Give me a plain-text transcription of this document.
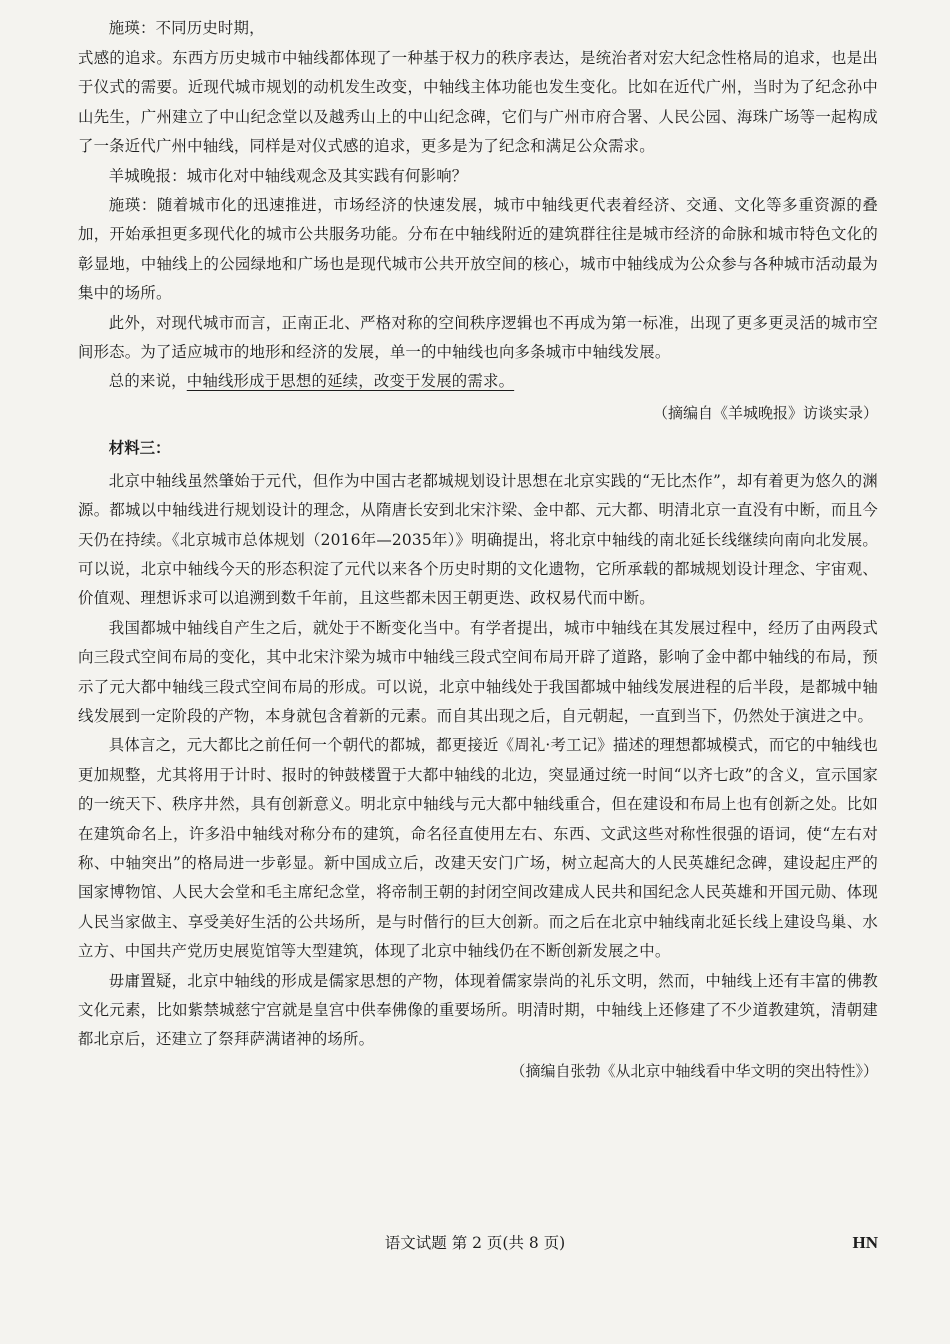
施瑛：不同历史时期，

式感的追求。东西方历史城市中轴线都体现了一种基于权力的秩序表达，是统治者对宏大纪念性格局的追求，也是出于仪式的需要。近现代城市规划的动机发生改变，中轴线主体功能也发生变化。比如在近代广州，当时为了纪念孙中山先生，广州建立了中山纪念堂以及越秀山上的中山纪念碑，它们与广州市府合署、人民公园、海珠广场等一起构成了一条近代广州中轴线，同样是对仪式感的追求，更多是为了纪念和满足公众需求。

羊城晚报：城市化对中轴线观念及其实践有何影响？

施瑛：随着城市化的迅速推进，市场经济的快速发展，城市中轴线更代表着经济、交通、文化等多重资源的叠加，开始承担更多现代化的城市公共服务功能。分布在中轴线附近的建筑群往往是城市经济的命脉和城市特色文化的彰显地，中轴线上的公园绿地和广场也是现代城市公共开放空间的核心，城市中轴线成为公众参与各种城市活动最为集中的场所。

此外，对现代城市而言，正南正北、严格对称的空间秩序逻辑也不再成为第一标准，出现了更多更灵活的城市空间形态。为了适应城市的地形和经济的发展，单一的中轴线也向多条城市中轴线发展。

总的来说，中轴线形成于思想的延续，改变于发展的需求。

（摘编自《羊城晚报》访谈实录）
材料三：

北京中轴线虽然肇始于元代，但作为中国古老都城规划设计思想在北京实践的“无比杰作”，却有着更为悠久的渊源。都城以中轴线进行规划设计的理念，从隋唐长安到北宋汴梁、金中都、元大都、明清北京一直没有中断，而且今天仍在持续。《北京城市总体规划（2016年—2035年）》明确提出，将北京中轴线的南北延长线继续向南向北发展。可以说，北京中轴线今天的形态积淀了元代以来各个历史时期的文化遗物，它所承载的都城规划设计理念、宇宙观、价值观、理想诉求可以追溯到数千年前，且这些都未因王朝更迭、政权易代而中断。

我国都城中轴线自产生之后，就处于不断变化当中。有学者提出，城市中轴线在其发展过程中，经历了由两段式向三段式空间布局的变化，其中北宋汴梁为城市中轴线三段式空间布局开辟了道路，影响了金中都中轴线的布局，预示了元大都中轴线三段式空间布局的形成。可以说，北京中轴线处于我国都城中轴线发展进程的后半段，是都城中轴线发展到一定阶段的产物，本身就包含着新的元素。而自其出现之后，自元朝起，一直到当下，仍然处于演进之中。

具体言之，元大都比之前任何一个朝代的都城，都更接近《周礼·考工记》描述的理想都城模式，而它的中轴线也更加规整，尤其将用于计时、报时的钟鼓楼置于大都中轴线的北边，突显通过统一时间“以齐七政”的含义，宣示国家的一统天下、秩序井然，具有创新意义。明北京中轴线与元大都中轴线重合，但在建设和布局上也有创新之处。比如在建筑命名上，许多沿中轴线对称分布的建筑，命名径直使用左右、东西、文武这些对称性很强的语词，使“左右对称、中轴突出”的格局进一步彰显。新中国成立后，改建天安门广场，树立起高大的人民英雄纪念碑，建设起庄严的国家博物馆、人民大会堂和毛主席纪念堂，将帝制王朝的封闭空间改建成人民共和国纪念人民英雄和开国元勋、体现人民当家做主、享受美好生活的公共场所，是与时偕行的巨大创新。而之后在北京中轴线南北延长线上建设鸟巢、水立方、中国共产党历史展览馆等大型建筑，体现了北京中轴线仍在不断创新发展之中。

毋庸置疑，北京中轴线的形成是儒家思想的产物，体现着儒家崇尚的礼乐文明，然而，中轴线上还有丰富的佛教文化元素，比如紫禁城慈宁宫就是皇宫中供奉佛像的重要场所。明清时期，中轴线上还修建了不少道教建筑，清朝建都北京后，还建立了祭拜萨满诸神的场所。

（摘编自张勃《从北京中轴线看中华文明的突出特性》）
语文试题 第 2 页(共 8 页)	HN
